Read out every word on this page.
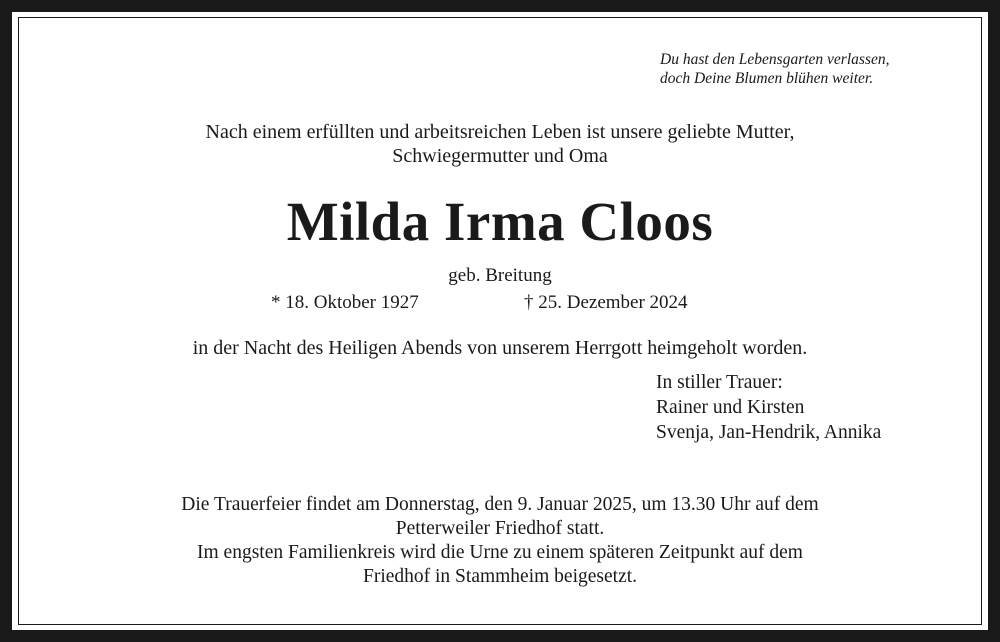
Du hast den Lebensgarten verlassen,
doch Deine Blumen blühen weiter.
Nach einem erfüllten und arbeitsreichen Leben ist unsere geliebte Mutter,
Schwiegermutter und Oma
Milda Irma Cloos
geb. Breitung
* 18. Oktober 1927	† 25. Dezember 2024
in der Nacht des Heiligen Abends von unserem Herrgott heimgeholt worden.
In stiller Trauer:
Rainer und Kirsten
Svenja, Jan-Hendrik, Annika
Die Trauerfeier findet am Donnerstag, den 9. Januar 2025, um 13.30 Uhr auf dem
Petterweiler Friedhof statt.
Im engsten Familienkreis wird die Urne zu einem späteren Zeitpunkt auf dem
Friedhof in Stammheim beigesetzt.
